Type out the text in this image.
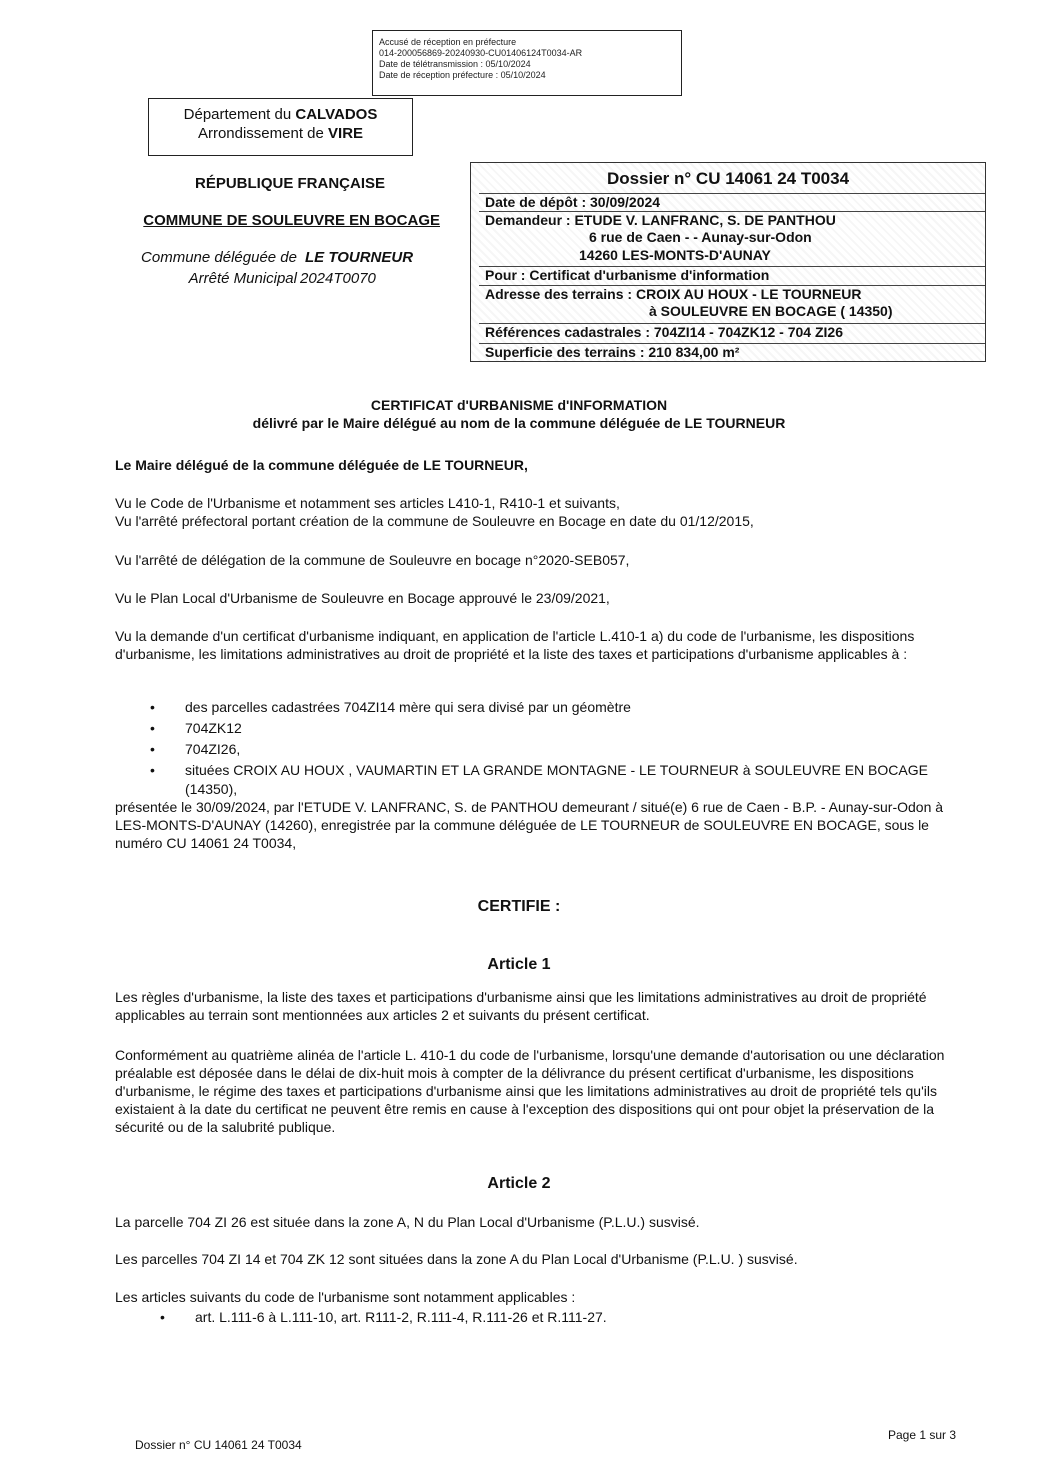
Accusé de réception en préfecture
014-200056869-20240930-CU01406124T0034-AR
Date de télétransmission : 05/10/2024
Date de réception préfecture : 05/10/2024
Département du CALVADOS
Arrondissement de VIRE
RÉPUBLIQUE FRANÇAISE
COMMUNE DE SOULEUVRE EN BOCAGE
Commune déléguée de LE TOURNEUR
Arrêté Municipal 2024T0070
Dossier n° CU 14061 24 T0034
Date de dépôt : 30/09/2024
Demandeur : ETUDE V. LANFRANC, S. DE PANTHOU
6 rue de Caen - - Aunay-sur-Odon
14260 LES-MONTS-D'AUNAY
Pour : Certificat d'urbanisme d'information
Adresse des terrains : CROIX AU HOUX - LE TOURNEUR
à SOULEUVRE EN BOCAGE ( 14350)
Références cadastrales : 704ZI14 - 704ZK12 - 704 ZI26
Superficie des terrains : 210 834,00 m²
CERTIFICAT d'URBANISME d'INFORMATION
délivré par le Maire délégué au nom de la commune déléguée de LE TOURNEUR
Le Maire délégué de la commune déléguée de LE TOURNEUR,
Vu le Code de l'Urbanisme et notamment ses articles L410-1, R410-1 et suivants,
Vu l'arrêté préfectoral portant création de la commune de Souleuvre en Bocage en date du 01/12/2015,
Vu l'arrêté de délégation de la commune de Souleuvre en bocage n°2020-SEB057,
Vu le Plan Local d'Urbanisme de Souleuvre en Bocage approuvé le 23/09/2021,
Vu la demande d'un certificat d'urbanisme indiquant, en application de l'article L.410-1 a) du code de l'urbanisme, les dispositions d'urbanisme, les limitations administratives au droit de propriété et la liste des taxes et participations d'urbanisme applicables à :
• des parcelles cadastrées 704ZI14 mère qui sera divisé par un géomètre
• 704ZK12
• 704ZI26,
• situées CROIX AU HOUX , VAUMARTIN ET LA GRANDE MONTAGNE - LE TOURNEUR à SOULEUVRE EN BOCAGE (14350),
présentée le 30/09/2024, par l'ETUDE V. LANFRANC, S. de PANTHOU demeurant / situé(e) 6 rue de Caen - B.P. - Aunay-sur-Odon à LES-MONTS-D'AUNAY (14260), enregistrée par la commune déléguée de LE TOURNEUR de SOULEUVRE EN BOCAGE, sous le numéro CU 14061 24 T0034,
CERTIFIE :
Article 1
Les règles d'urbanisme, la liste des taxes et participations d'urbanisme ainsi que les limitations administratives au droit de propriété applicables au terrain sont mentionnées aux articles 2 et suivants du présent certificat.
Conformément au quatrième alinéa de l'article L. 410-1 du code de l'urbanisme, lorsqu'une demande d'autorisation ou une déclaration préalable est déposée dans le délai de dix-huit mois à compter de la délivrance du présent certificat d'urbanisme, les dispositions d'urbanisme, le régime des taxes et participations d'urbanisme ainsi que les limitations administratives au droit de propriété tels qu'ils existaient à la date du certificat ne peuvent être remis en cause à l'exception des dispositions qui ont pour objet la préservation de la sécurité ou de la salubrité publique.
Article 2
La parcelle 704 ZI 26 est située dans la zone A, N du Plan Local d'Urbanisme (P.L.U.) susvisé.
Les parcelles 704 ZI 14 et 704 ZK 12 sont situées dans la zone A du Plan Local d'Urbanisme (P.L.U. ) susvisé.
Les articles suivants du code de l'urbanisme sont notamment applicables :
• art. L.111-6 à L.111-10, art. R111-2, R.111-4, R.111-26 et R.111-27.
Dossier n° CU 14061 24 T0034
Page 1 sur 3
